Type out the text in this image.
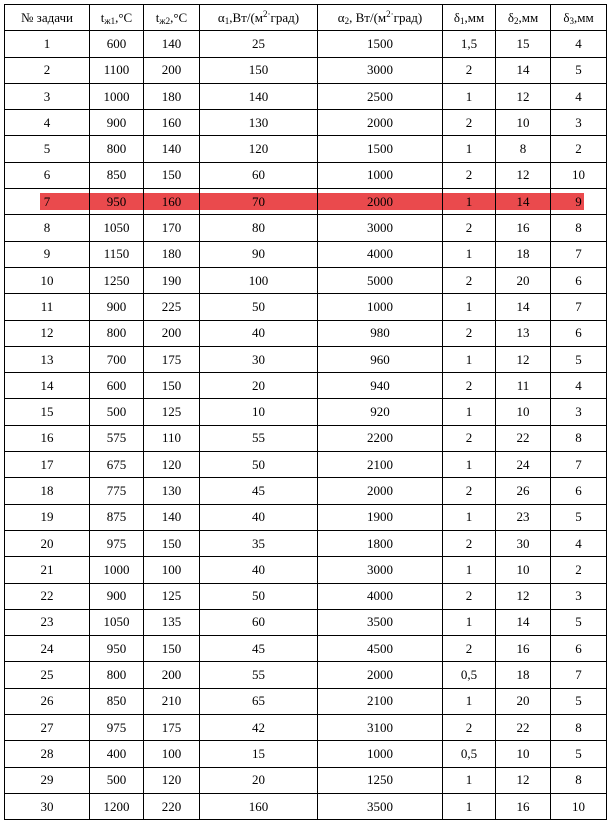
№ задачи	$t_{ж1},^\circ С$	$t_{ж2},^\circ С$	$\alpha_1,Вт/(м^{2\cdot}град)$	$\alpha_2$, $Вт/(м^{2\cdot}град)$	$\delta_1,мм$	$\delta_2,мм$	$\delta_3,мм$
1	600	140	25	1500	1,5	15	4
2	1100	200	150	3000	2	14	5
3	1000	180	140	2500	1	12	4
4	900	160	130	2000	2	10	3
5	800	140	120	1500	1	8	2
6	850	150	60	1000	2	12	10
7	950	160	70	2000	1	14	9
8	1050	170	80	3000	2	16	8
9	1150	180	90	4000	1	18	7
10	1250	190	100	5000	2	20	6
11	900	225	50	1000	1	14	7
12	800	200	40	980	2	13	6
13	700	175	30	960	1	12	5
14	600	150	20	940	2	11	4
15	500	125	10	920	1	10	3
16	575	110	55	2200	2	22	8
17	675	120	50	2100	1	24	7
18	775	130	45	2000	2	26	6
19	875	140	40	1900	1	23	5
20	975	150	35	1800	2	30	4
21	1000	100	40	3000	1	10	2
22	900	125	50	4000	2	12	3
23	1050	135	60	3500	1	14	5
24	950	150	45	4500	2	16	6
25	800	200	55	2000	0,5	18	7
26	850	210	65	2100	1	20	5
27	975	175	42	3100	2	22	8
28	400	100	15	1000	0,5	10	5
29	500	120	20	1250	1	12	8
30	1200	220	160	3500	1	16	10
